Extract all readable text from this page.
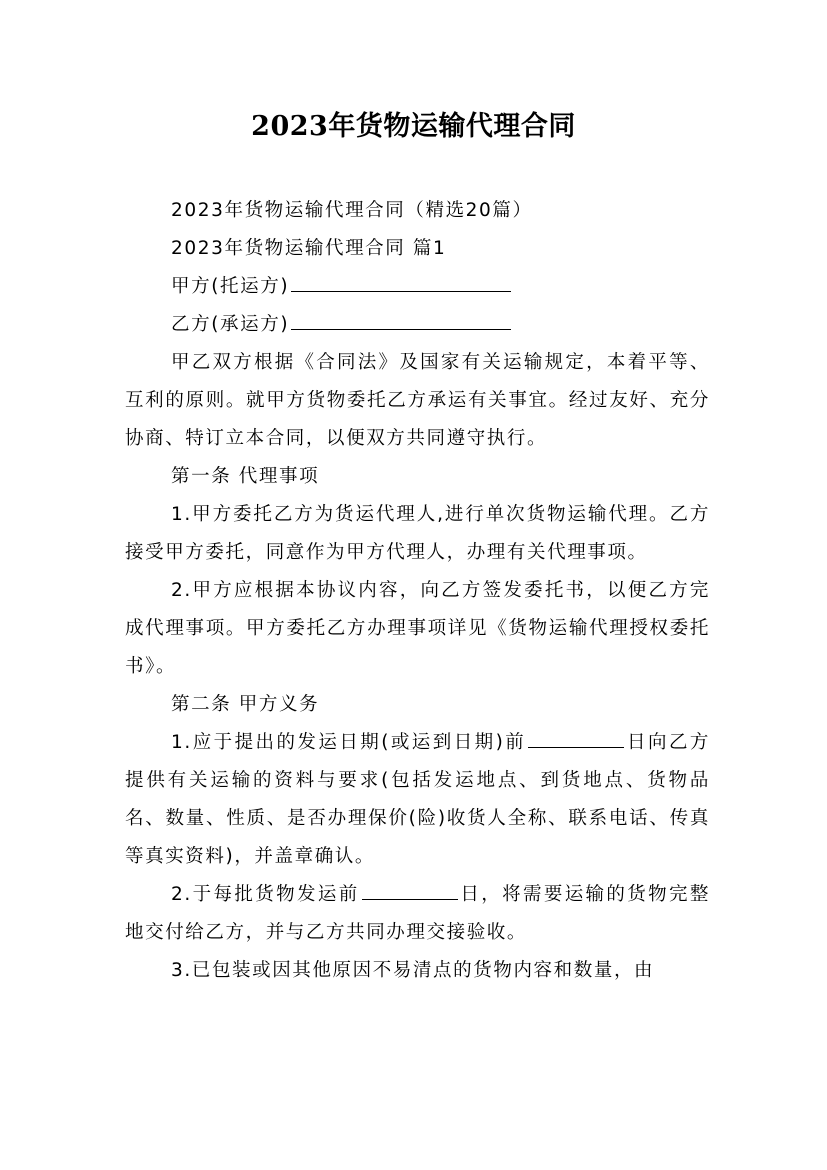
2023年货物运输代理合同

2023年货物运输代理合同（精选20篇）

2023年货物运输代理合同 篇1

甲方(托运方)

乙方(承运方)

甲乙双方根据《合同法》及国家有关运输规定，本着平等、互利的原则。就甲方货物委托乙方承运有关事宜。经过友好、充分协商、特订立本合同，以便双方共同遵守执行。

第一条 代理事项

1.甲方委托乙方为货运代理人,进行单次货物运输代理。乙方接受甲方委托，同意作为甲方代理人，办理有关代理事项。

2.甲方应根据本协议内容，向乙方签发委托书，以便乙方完成代理事项。甲方委托乙方办理事项详见《货物运输代理授权委托书》。

第二条 甲方义务

1.应于提出的发运日期(或运到日期)前	日向乙方提供有关运输的资料与要求(包括发运地点、到货地点、货物品名、数量、性质、是否办理保价(险)收货人全称、联系电话、传真等真实资料)，并盖章确认。

2.于每批货物发运前	日，将需要运输的货物完整地交付给乙方，并与乙方共同办理交接验收。

3.已包装或因其他原因不易清点的货物内容和数量，由
